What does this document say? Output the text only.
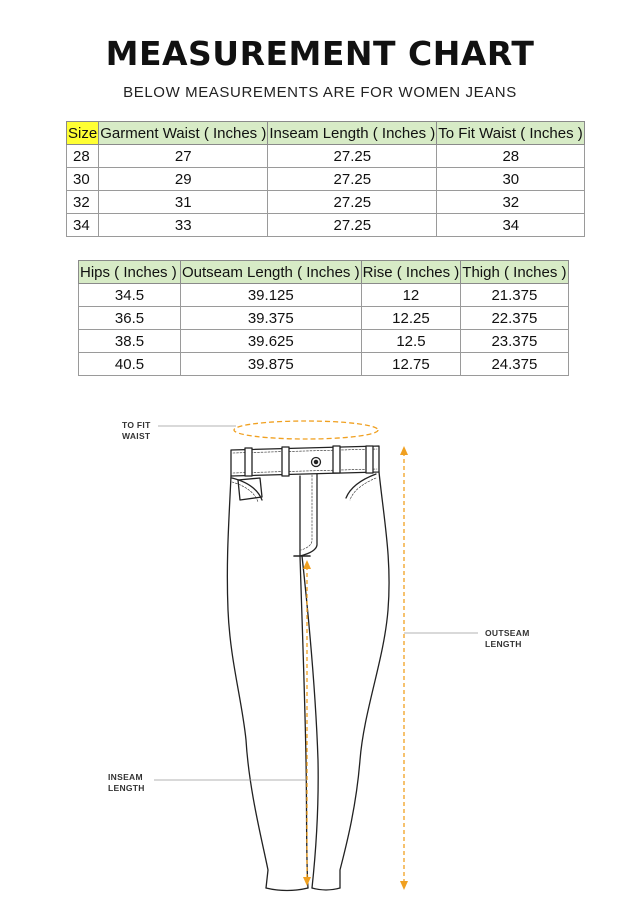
MEASUREMENT CHART
BELOW MEASUREMENTS ARE FOR WOMEN JEANS
Size	Garment Waist ( Inches )	Inseam Length ( Inches )	To Fit Waist ( Inches )
28	27	27.25	28
30	29	27.25	30
32	31	27.25	32
34	33	27.25	34
Hips ( Inches )	Outseam Length ( Inches )	Rise ( Inches )	Thigh ( Inches )
34.5	39.125	12	21.375
36.5	39.375	12.25	22.375
38.5	39.625	12.5	23.375
40.5	39.875	12.75	24.375
TO FIT
WAIST
OUTSEAM
LENGTH
INSEAM
LENGTH
